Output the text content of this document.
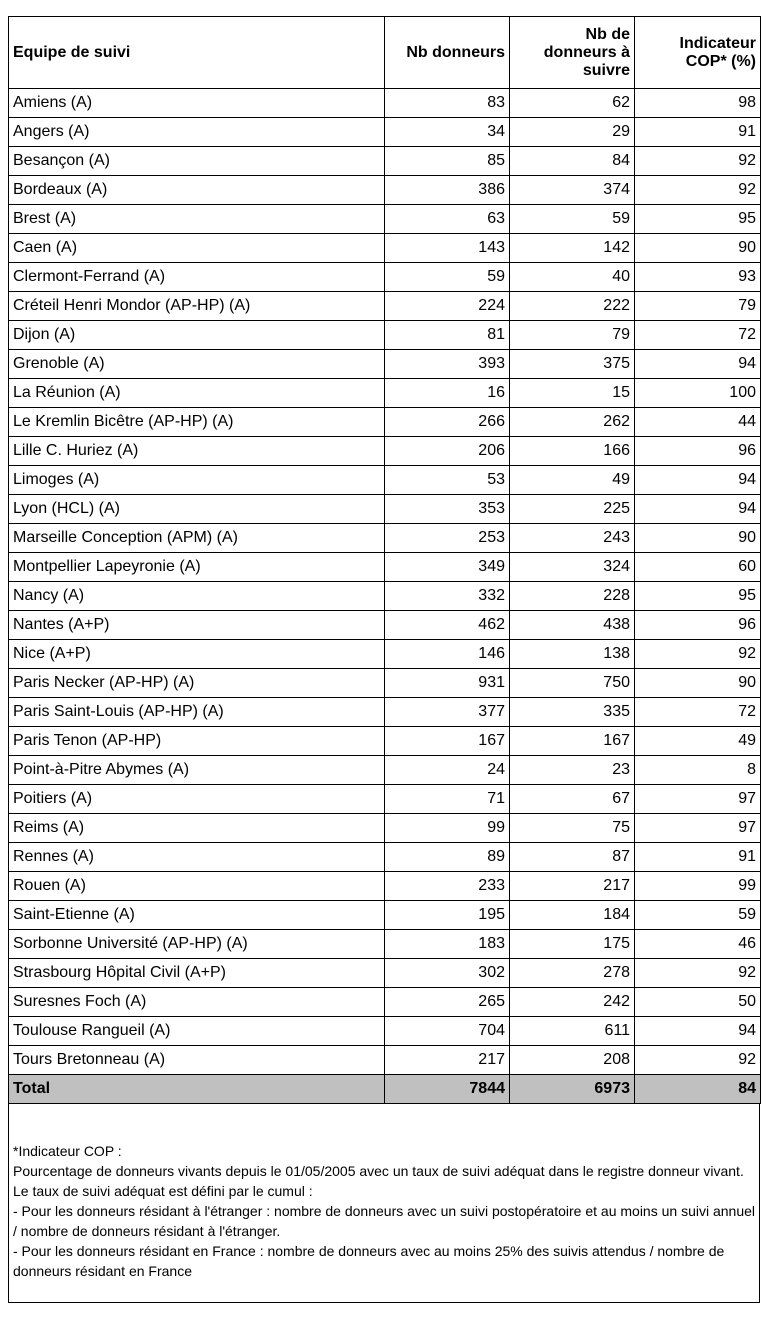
Equipe de suivi	Nb donneurs	Nb de donneurs à suivre	Indicateur COP* (%)
Amiens (A)	83	62	98
Angers (A)	34	29	91
Besançon (A)	85	84	92
Bordeaux (A)	386	374	92
Brest (A)	63	59	95
Caen (A)	143	142	90
Clermont-Ferrand (A)	59	40	93
Créteil Henri Mondor (AP-HP) (A)	224	222	79
Dijon (A)	81	79	72
Grenoble (A)	393	375	94
La Réunion (A)	16	15	100
Le Kremlin Bicêtre (AP-HP) (A)	266	262	44
Lille C. Huriez (A)	206	166	96
Limoges (A)	53	49	94
Lyon (HCL) (A)	353	225	94
Marseille Conception (APM) (A)	253	243	90
Montpellier Lapeyronie (A)	349	324	60
Nancy (A)	332	228	95
Nantes (A+P)	462	438	96
Nice (A+P)	146	138	92
Paris Necker (AP-HP) (A)	931	750	90
Paris Saint-Louis (AP-HP) (A)	377	335	72
Paris Tenon (AP-HP)	167	167	49
Point-à-Pitre Abymes (A)	24	23	8
Poitiers (A)	71	67	97
Reims (A)	99	75	97
Rennes (A)	89	87	91
Rouen (A)	233	217	99
Saint-Etienne (A)	195	184	59
Sorbonne Université (AP-HP) (A)	183	175	46
Strasbourg Hôpital Civil (A+P)	302	278	92
Suresnes Foch (A)	265	242	50
Toulouse Rangueil (A)	704	611	94
Tours Bretonneau (A)	217	208	92
Total	7844	6973	84

*Indicateur COP :

Pourcentage de donneurs vivants depuis le 01/05/2005 avec un taux de suivi adéquat dans le registre donneur vivant.

Le taux de suivi adéquat est défini par le cumul :

- Pour les donneurs résidant à l'étranger : nombre de donneurs avec un suivi postopératoire et au moins un suivi annuel / nombre de donneurs résidant à l'étranger.

- Pour les donneurs résidant en France : nombre de donneurs avec au moins 25% des suivis attendus / nombre de donneurs résidant en France
